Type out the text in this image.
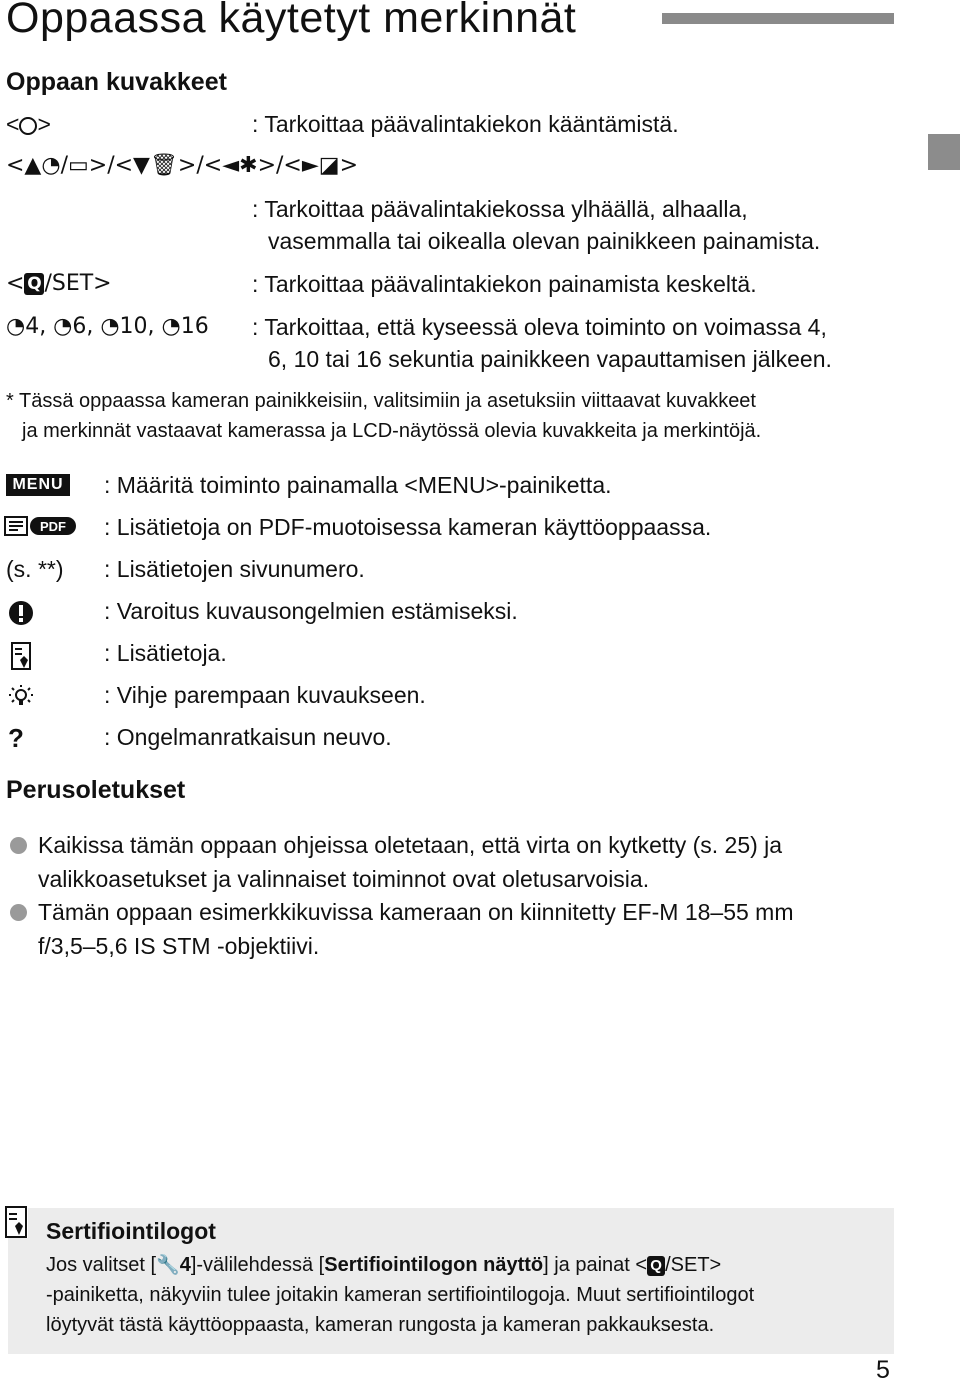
Oppaassa käytetyt merkinnät
Oppaan kuvakkeet
< >	: Tarkoittaa päävalintakiekon kääntämistä.
<▲◔/▭>/<▼🗑>/<◄✱>/<►◪>
: Tarkoittaa päävalintakiekossa ylhäällä, alhaalla,
vasemmalla tai oikealla olevan painikkeen painamista.
< Q /SET>	: Tarkoittaa päävalintakiekon painamista keskeltä.
◔4, ◔6, ◔10, ◔16 : Tarkoittaa, että kyseessä oleva toiminto on voimassa 4,
6, 10 tai 16 sekuntia painikkeen vapauttamisen jälkeen.
* Tässä oppaassa kameran painikkeisiin, valitsimiin ja asetuksiin viittaavat kuvakkeet
ja merkinnät vastaavat kamerassa ja LCD-näytössä olevia kuvakkeita ja merkintöjä.
MENU : Määritä toiminto painamalla <MENU>-painiketta.
PDF : Lisätietoja on PDF-muotoisessa kameran käyttöoppaassa.
(s. **) : Lisätietojen sivunumero.
: Varoitus kuvausongelmien estämiseksi.
: Lisätietoja.
: Vihje parempaan kuvaukseen.
?	: Ongelmanratkaisun neuvo.
Perusoletukset
Kaikissa tämän oppaan ohjeissa oletetaan, että virta on kytketty (s. 25) ja
valikkoasetukset ja valinnaiset toiminnot ovat oletusarvoisia.
Tämän oppaan esimerkkikuvissa kameraan on kiinnitetty EF-M 18–55 mm
f/3,5–5,6 IS STM -objektiivi.
Sertifiointilogot
Jos valitset [🔧4]-välilehdessä [Sertifiointilogon näyttö] ja painat < Q /SET>
-painiketta, näkyviin tulee joitakin kameran sertifiointilogoja. Muut sertifiointilogot
löytyvät tästä käyttöoppaasta, kameran rungosta ja kameran pakkauksesta.
5
